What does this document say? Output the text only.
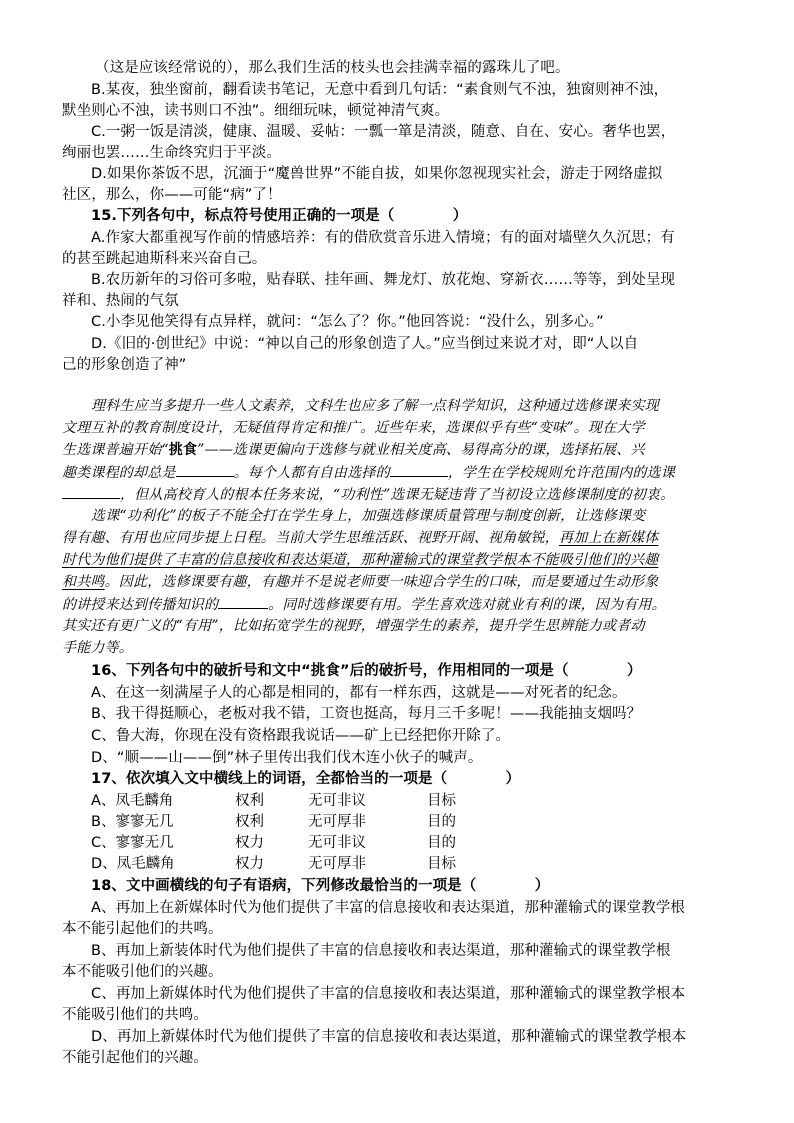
（这是应该经常说的），那么我们生活的枝头也会挂满幸福的露珠儿了吧。
B.某夜，独坐窗前，翻看读书笔记，无意中看到几句话：“素食则气不浊，独窗则神不浊，
默坐则心不浊，读书则口不浊”。细细玩味，顿觉神清气爽。
C.一粥一饭是清淡，健康、温暖、妥帖：一瓢一箪是清淡，随意、自在、安心。奢华也罢，
绚丽也罢……生命终究归于平淡。
D.如果你茶饭不思，沉湎于“魔兽世界”不能自拔，如果你忽视现实社会，游走于网络虚拟
社区，那么，你——可能“病”了！
15.下列各句中，标点符号使用正确的一项是（　　　　）
A.作家大都重视写作前的情感培养：有的借欣赏音乐进入情境；有的面对墙壁久久沉思；有
的甚至跳起迪斯科来兴奋自己。
B.农历新年的习俗可多啦，贴春联、挂年画、舞龙灯、放花炮、穿新衣……等等，到处呈现
祥和、热闹的气氛
C.小李见他笑得有点异样，就问：“怎么了？你。”他回答说：“没什么，别多心。”
D.《旧的·创世纪》中说：“神以自己的形象创造了人。”应当倒过来说才对，即“人以自
己的形象创造了神”
理科生应当多提升一些人文素养，文科生也应多了解一点科学知识，这种通过选修课来实现
文理互补的教育制度设计，无疑值得肯定和推广。近些年来，选课似乎有些“变味”。现在大学
生选课普遍开始“挑食”——选课更偏向于选修与就业相关度高、易得高分的课，选择拓展、兴
趣类课程的却总是	。每个人都有自由选择的	，学生在学校规则允许范围内的选课
，但从高校育人的根本任务来说，“功利性”选课无疑违背了当初设立选修课制度的初衷。
选课“功利化”的板子不能全打在学生身上，加强选修课质量管理与制度创新，让选修课变
得有趣、有用也应同步提上日程。当前大学生思维活跃、视野开阔、视角敏锐，再加上在新媒体
时代为他们提供了丰富的信息接收和表达渠道，那种灌输式的课堂教学根本不能吸引他们的兴趣
和共鸣。因此，选修课要有趣，有趣并不是说老师要一味迎合学生的口味，而是要通过生动形象
的讲授来达到传播知识的	。同时选修课要有用。学生喜欢选对就业有利的课，因为有用。
其实还有更广义的“有用”，比如拓宽学生的视野，增强学生的素养，提升学生思辨能力或者动
手能力等。
16、下列各句中的破折号和文中“挑食”后的破折号，作用相同的一项是（　　　　）
A、在这一刻满屋子人的心都是相同的，都有一样东西，这就是——对死者的纪念。
B、我干得挺顺心，老板对我不错，工资也挺高，每月三千多呢！——我能抽支烟吗？
C、鲁大海，你现在没有资格跟我说话——矿上已经把你开除了。
D、“顺——山——倒”林子里传出我们伐木连小伙子的喊声。
17、依次填入文中横线上的词语，全都恰当的一项是（　　　　）
A、凤毛麟角	权利	无可非议	目标
B、寥寥无几	权利	无可厚非	目的
C、寥寥无几	权力	无可非议	目的
D、凤毛麟角	权力	无可厚非	目标
18、文中画横线的句子有语病，下列修改最恰当的一项是（　　　　）
A、再加上在新媒体时代为他们提供了丰富的信息接收和表达渠道，那种灌输式的课堂教学根
本不能引起他们的共鸣。
B、再加上新装体时代为他们提供了丰富的信息接收和表达渠道，那种灌输式的课堂教学根
本不能吸引他们的兴趣。
C、再加上新媒体时代为他们提供了丰富的信息接收和表达渠道，那种灌输式的课堂教学根本
不能吸引他们的共鸣。
D、再加上新媒体时代为他们提供了丰富的信息接收和表达渠道，那种灌输式的课堂教学根本
不能引起他们的兴趣。
